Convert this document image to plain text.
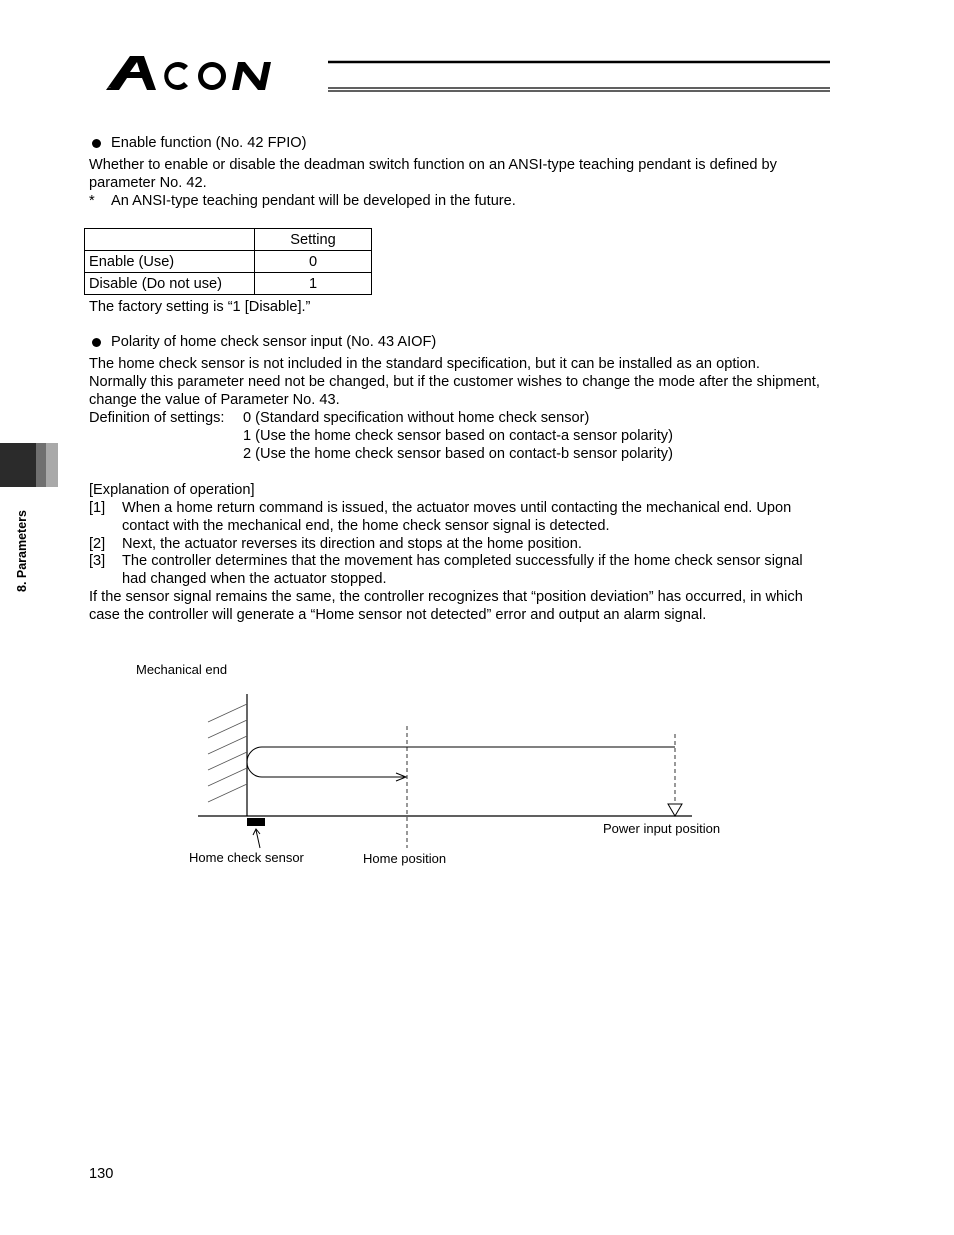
ACON
8. Parameters
Enable function (No. 42 FPIO)
Whether to enable or disable the deadman switch function on an ANSI-type teaching pendant is defined by
parameter No. 42.
* An ANSI-type teaching pendant will be developed in the future.
	Setting
Enable (Use)	0
Disable (Do not use)	1
The factory setting is “1 [Disable].”
Polarity of home check sensor input (No. 43 AIOF)
The home check sensor is not included in the standard specification, but it can be installed as an option.
Normally this parameter need not be changed, but if the customer wishes to change the mode after the shipment,
change the value of Parameter No. 43.
Definition of settings: 0 (Standard specification without home check sensor)
1 (Use the home check sensor based on contact-a sensor polarity)
2 (Use the home check sensor based on contact-b sensor polarity)
[Explanation of operation]
[1] When a home return command is issued, the actuator moves until contacting the mechanical end. Upon
contact with the mechanical end, the home check sensor signal is detected.
[2] Next, the actuator reverses its direction and stops at the home position.
[3] The controller determines that the movement has completed successfully if the home check sensor signal
had changed when the actuator stopped.
If the sensor signal remains the same, the controller recognizes that “position deviation” has occurred, in which
case the controller will generate a “Home sensor not detected” error and output an alarm signal.
Mechanical end
Power input position
Home check sensor	Home position
130
